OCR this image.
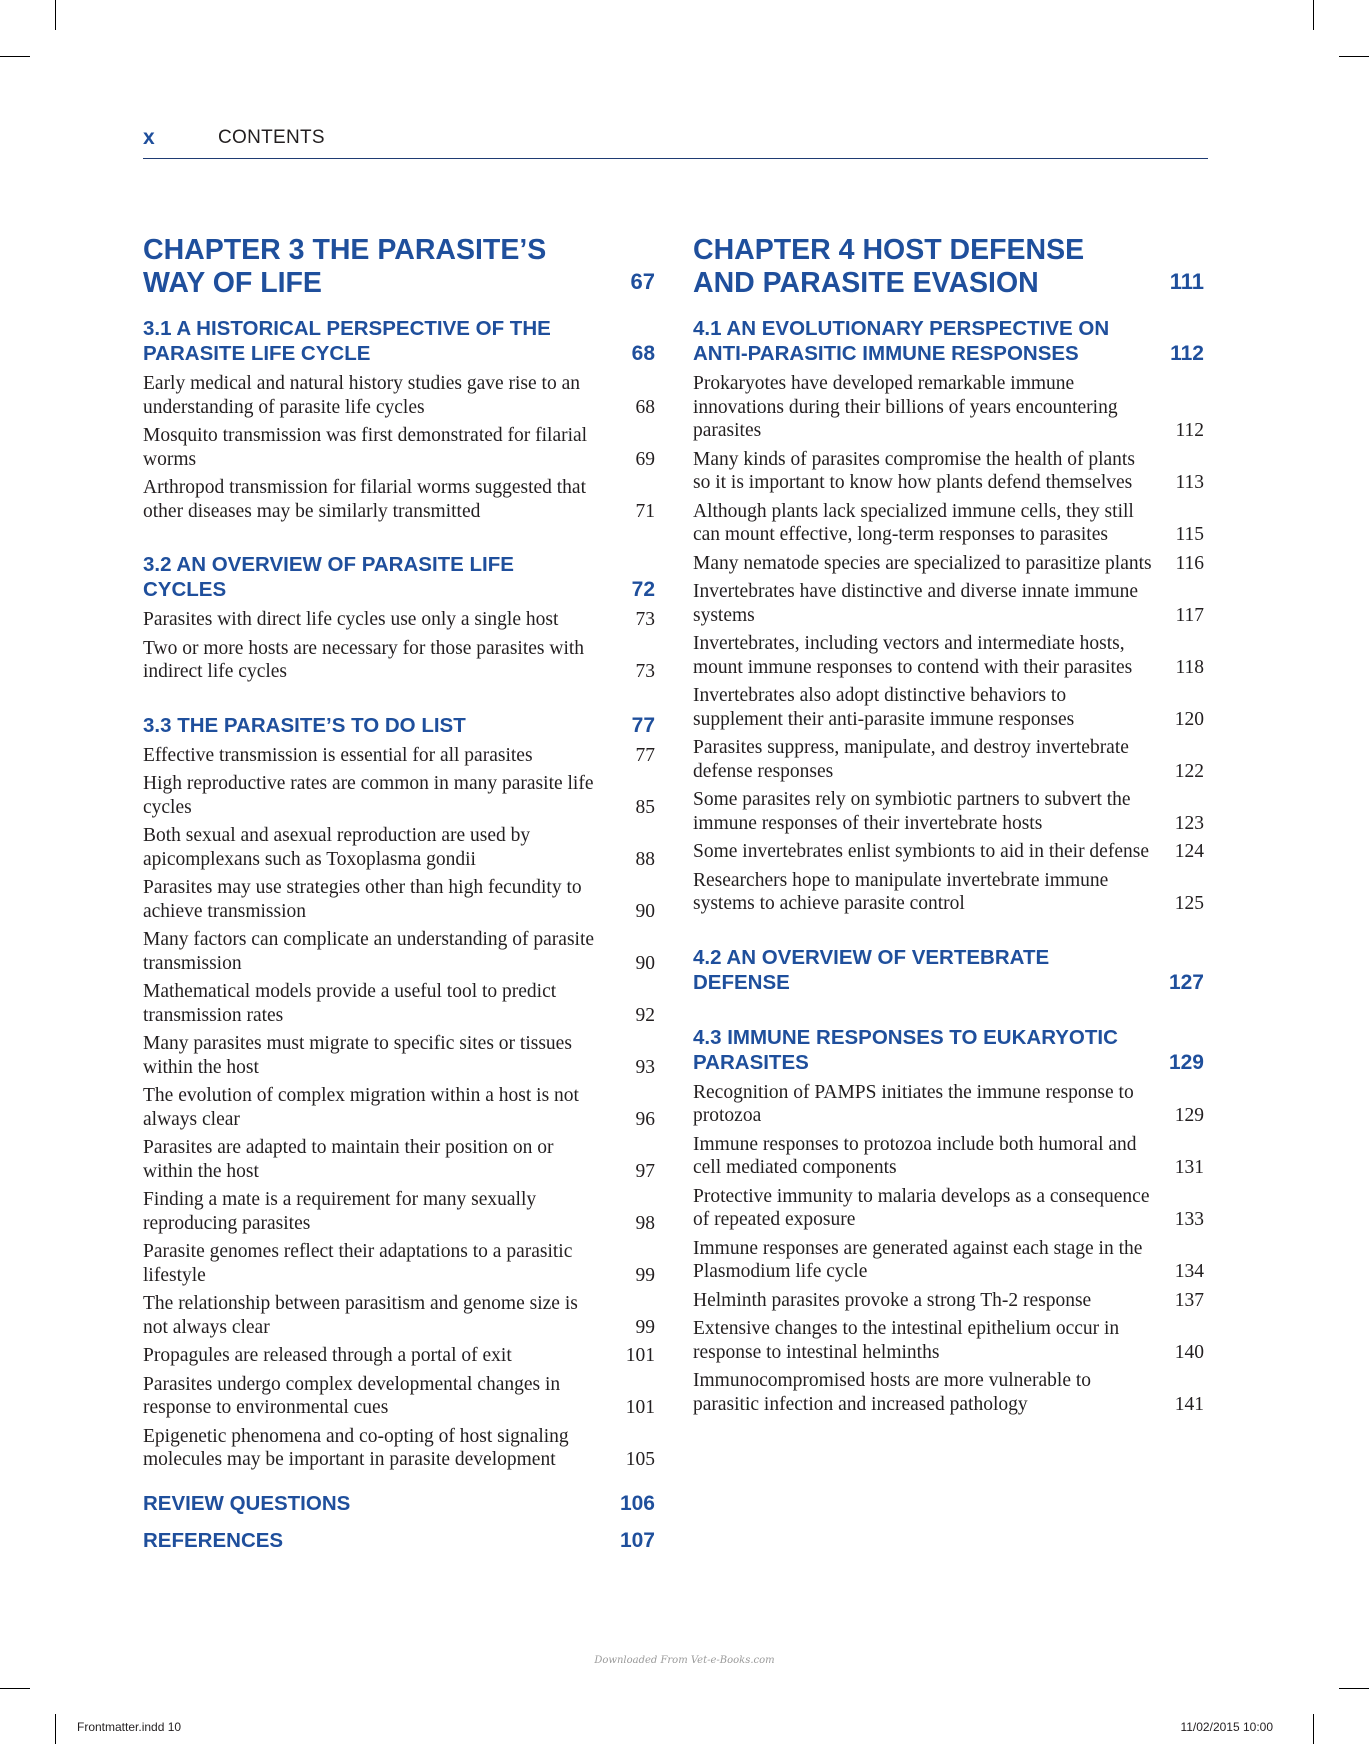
x	CONTENTS
CHAPTER 3 THE PARASITE’S WAY OF LIFE	67
3.1 A HISTORICAL PERSPECTIVE OF THE PARASITE LIFE CYCLE	68
Early medical and natural history studies gave rise to an understanding of parasite life cycles	68
Mosquito transmission was first demonstrated for filarial worms	69
Arthropod transmission for filarial worms suggested that other diseases may be similarly transmitted	71
3.2 AN OVERVIEW OF PARASITE LIFE CYCLES	72
Parasites with direct life cycles use only a single host	73
Two or more hosts are necessary for those parasites with indirect life cycles	73
3.3 THE PARASITE’S TO DO LIST	77
Effective transmission is essential for all parasites	77
High reproductive rates are common in many parasite life cycles	85
Both sexual and asexual reproduction are used by apicomplexans such as Toxoplasma gondii	88
Parasites may use strategies other than high fecundity to achieve transmission	90
Many factors can complicate an understanding of parasite transmission	90
Mathematical models provide a useful tool to predict transmission rates	92
Many parasites must migrate to specific sites or tissues within the host	93
The evolution of complex migration within a host is not always clear	96
Parasites are adapted to maintain their position on or within the host	97
Finding a mate is a requirement for many sexually reproducing parasites	98
Parasite genomes reflect their adaptations to a parasitic lifestyle	99
The relationship between parasitism and genome size is not always clear	99
Propagules are released through a portal of exit	101
Parasites undergo complex developmental changes in response to environmental cues	101
Epigenetic phenomena and co-opting of host signaling molecules may be important in parasite development	105
REVIEW QUESTIONS	106
REFERENCES	107
CHAPTER 4 HOST DEFENSE AND PARASITE EVASION	111
4.1 AN EVOLUTIONARY PERSPECTIVE ON ANTI-PARASITIC IMMUNE RESPONSES	112
Prokaryotes have developed remarkable immune innovations during their billions of years encountering parasites	112
Many kinds of parasites compromise the health of plants so it is important to know how plants defend themselves	113
Although plants lack specialized immune cells, they still can mount effective, long-term responses to parasites	115
Many nematode species are specialized to parasitize plants 116
Invertebrates have distinctive and diverse innate immune systems	117
Invertebrates, including vectors and intermediate hosts, mount immune responses to contend with their parasites	118
Invertebrates also adopt distinctive behaviors to supplement their anti-parasite immune responses	120
Parasites suppress, manipulate, and destroy invertebrate defense responses	122
Some parasites rely on symbiotic partners to subvert the immune responses of their invertebrate hosts	123
Some invertebrates enlist symbionts to aid in their defense 124
Researchers hope to manipulate invertebrate immune systems to achieve parasite control	125
4.2 AN OVERVIEW OF VERTEBRATE DEFENSE	127
4.3 IMMUNE RESPONSES TO EUKARYOTIC PARASITES	129
Recognition of PAMPS initiates the immune response to protozoa	129
Immune responses to protozoa include both humoral and cell mediated components	131
Protective immunity to malaria develops as a consequence of repeated exposure	133
Immune responses are generated against each stage in the Plasmodium life cycle	134
Helminth parasites provoke a strong Th-2 response	137
Extensive changes to the intestinal epithelium occur in response to intestinal helminths	140
Immunocompromised hosts are more vulnerable to parasitic infection and increased pathology	141
Downloaded From Vet-e-Books.com
Frontmatter.indd 10	11/02/2015 10:00
